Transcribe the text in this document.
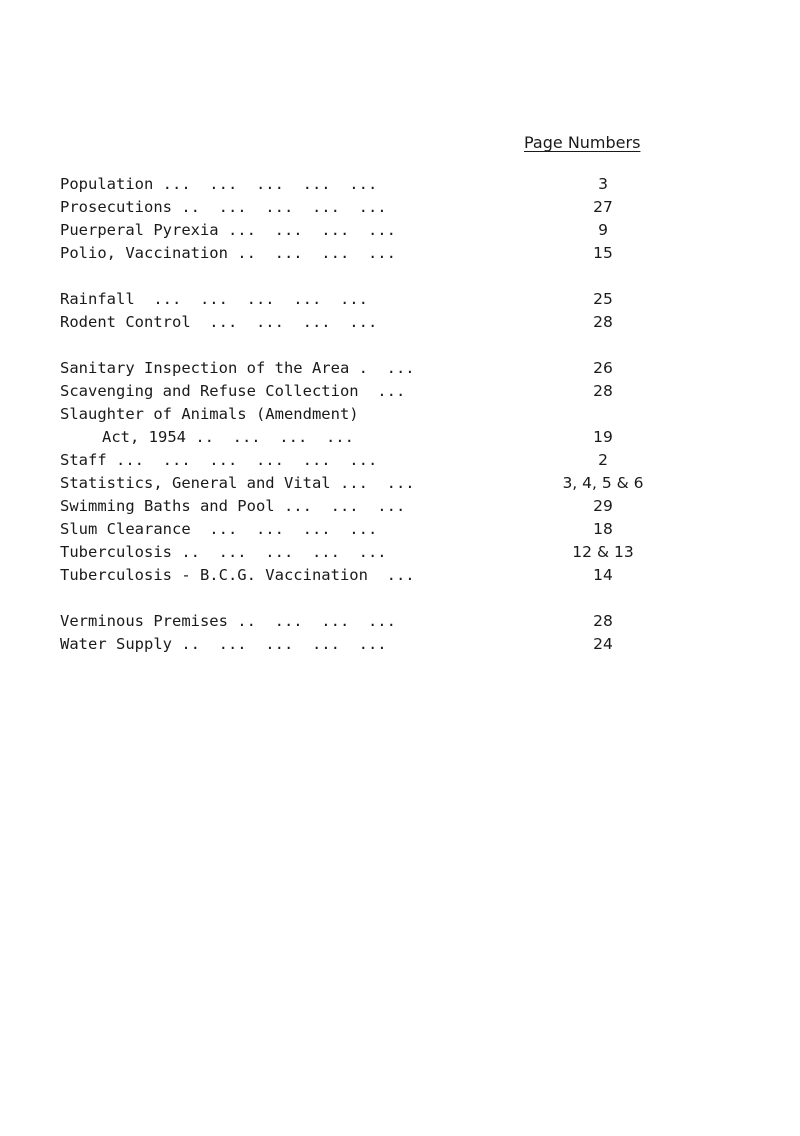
Page Numbers
Population ...  ...  ...  ...  ...	3
Prosecutions ..  ...  ...  ...  ...	27
Puerperal Pyrexia ...  ...  ...  ...	9
Polio, Vaccination ..  ...  ...  ...	15
Rainfall  ...  ...  ...  ...  ...	25
Rodent Control  ...  ...  ...  ...	28
Sanitary Inspection of the Area .  ...	26
Scavenging and Refuse Collection  ...	28
Slaughter of Animals (Amendment)
Act, 1954 ..  ...  ...  ...	19
Staff ...  ...  ...  ...  ...  ...	2
Statistics, General and Vital ...  ...	3, 4, 5 & 6
Swimming Baths and Pool ...  ...  ...	29
Slum Clearance  ...  ...  ...  ...	18
Tuberculosis ..  ...  ...  ...  ...	12 & 13
Tuberculosis - B.C.G. Vaccination  ...	14
Verminous Premises ..  ...  ...  ...	28
Water Supply ..  ...  ...  ...  ...	24
